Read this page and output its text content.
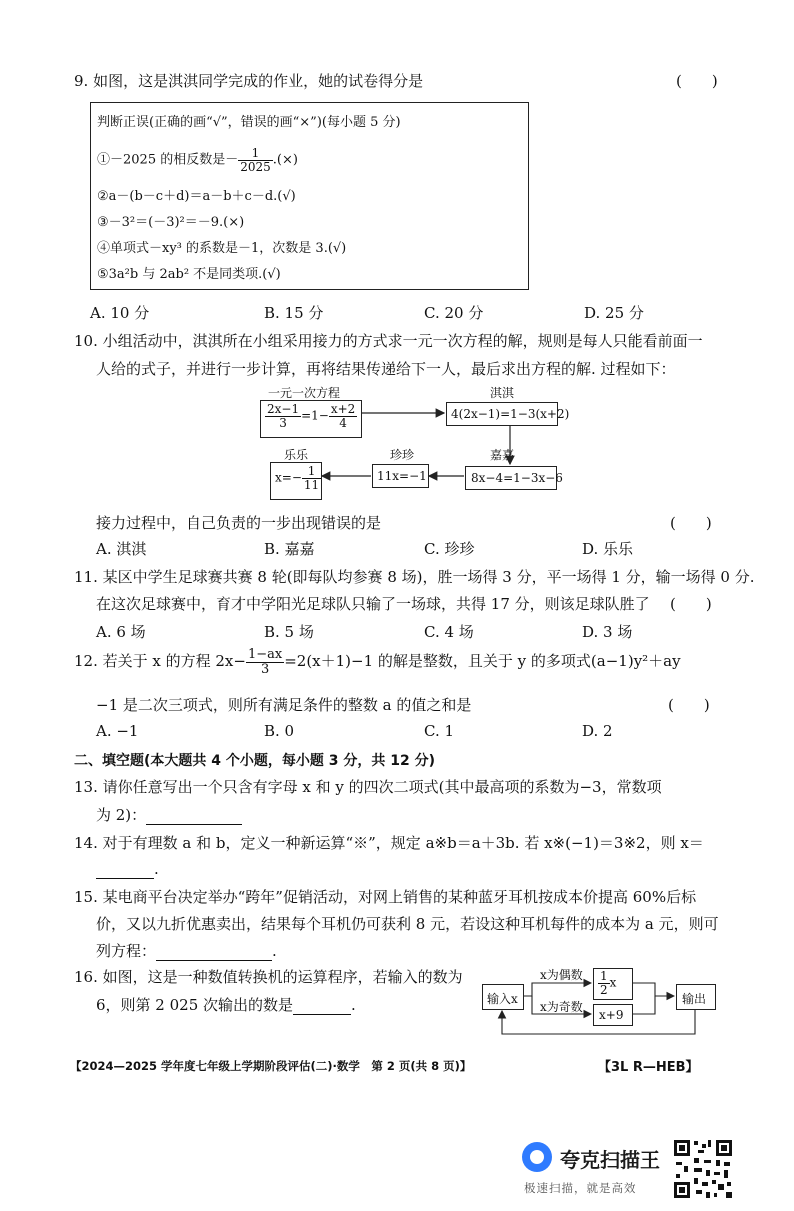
9. 如图，这是淇淇同学完成的作业，她的试卷得分是	(　　)
判断正误(正确的画“√”，错误的画“×”)(每小题 5 分)
①－2025 的相反数是－ $\frac{1}{2025}$ .(×)
②a－(b－c＋d)＝a－b＋c－d.(√)
③－3²＝(－3)²＝－9.(×)
④单项式－xy³ 的系数是－1，次数是 3.(√)
⑤3a²b 与 2ab² 不是同类项.(√)
A. 10 分	B. 15 分	C. 20 分	D. 25 分
10. 小组活动中，淇淇所在小组采用接力的方式求一元一次方程的解，规则是每人只能看前面一
人给的式子，并进行一步计算，再将结果传递给下一人，最后求出方程的解. 过程如下：
一元一次方程
$\frac{2x-1}{3} =1- \frac{x+2}{4}$
淇淇
4(2x−1)=1−3(x+2)
嘉嘉
8x−4=1−3x−6
珍珍
11x=−1
乐乐
$x=- \frac{1}{11}$
接力过程中，自己负责的一步出现错误的是	(　　)
A. 淇淇	B. 嘉嘉	C. 珍珍	D. 乐乐
11. 某区中学生足球赛共赛 8 轮(即每队均参赛 8 场)，胜一场得 3 分，平一场得 1 分，输一场得 0 分.
在这次足球赛中，育才中学阳光足球队只输了一场球，共得 17 分，则该足球队胜了 (　　)
A. 6 场	B. 5 场	C. 4 场	D. 3 场
12. 若关于 x 的方程 $2x- \frac{1-ax}{3} =2(x+1)-1$ 的解是整数，且关于 y 的多项式(a−1)y²＋ay
−1 是二次三项式，则所有满足条件的整数 a 的值之和是	(　　)
A. −1	B. 0	C. 1	D. 2
二、填空题(本大题共 4 个小题，每小题 3 分，共 12 分)
13. 请你任意写出一个只含有字母 x 和 y 的四次二项式(其中最高项的系数为−3，常数项
为 2)：
14. 对于有理数 a 和 b，定义一种新运算“※”，规定 a※b＝a＋3b. 若 x※(−1)＝3※2，则 x＝
.
15. 某电商平台决定举办“跨年”促销活动，对网上销售的某种蓝牙耳机按成本价提高 60%后标
价，又以九折优惠卖出，结果每个耳机仍可获利 8 元，若设这种耳机每件的成本为 a 元，则可
列方程：	.
16. 如图，这是一种数值转换机的运算程序，若输入的数为
6，则第 2 025 次输出的数是	.	输入x
x为偶数
x为奇数
$\frac{1}{2}$ x
x+9
输出
【2024—2025 学年度七年级上学期阶段评估(二)·数学　第 2 页(共 8 页)】	【3L R—HEB】
夸克扫描王
极速扫描，就是高效
